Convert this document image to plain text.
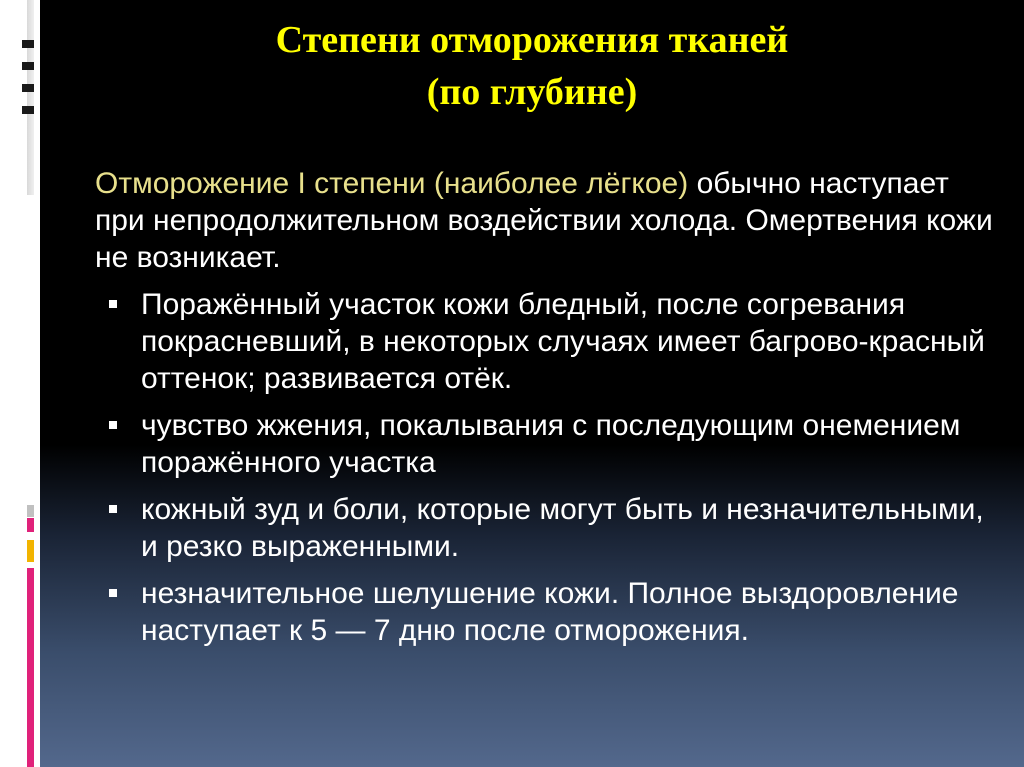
Степени отморожения тканей
(по глубине)

Отморожение I степени (наиболее лёгкое) обычно наступает при непродолжительном воздействии холода. Омертвения кожи не возникает.

Поражённый участок кожи бледный, после согревания покрасневший, в некоторых случаях имеет багрово-красный оттенок; развивается отёк.
чувство жжения, покалывания с последующим онемением поражённого участка
кожный зуд и боли, которые могут быть и незначительными, и резко выраженными.
незначительное шелушение кожи. Полное выздоровление наступает к 5 — 7 дню после отморожения.
